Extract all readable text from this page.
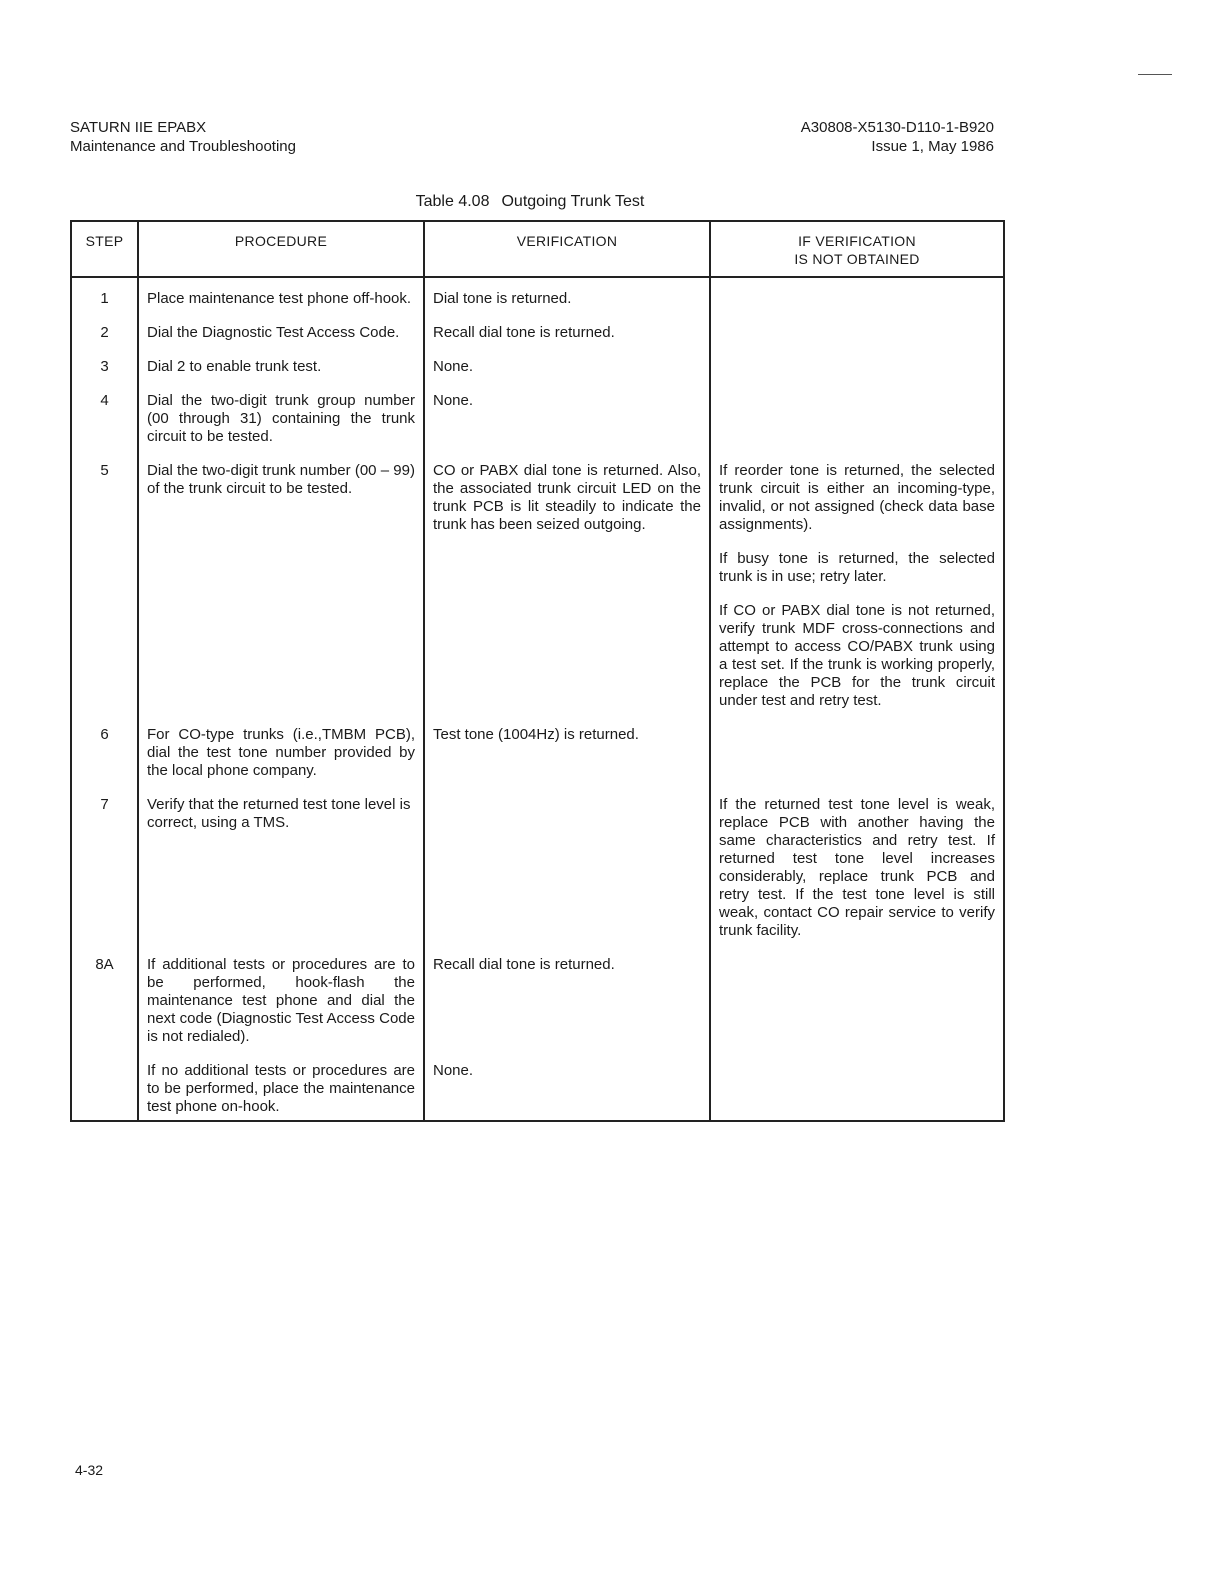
SATURN IIE EPABX
Maintenance and Troubleshooting
A30808-X5130-D110-1-B920
Issue 1, May 1986
Table 4.08 Outgoing Trunk Test
STEP	PROCEDURE	VERIFICATION	IF VERIFICATION
IS NOT OBTAINED

1	Place maintenance test phone off-hook.	Dial tone is returned.	
2	Dial the Diagnostic Test Access Code.	Recall dial tone is returned.	
3	Dial 2 to enable trunk test.	None.	
4	Dial the two-digit trunk group number (00 through 31) containing the trunk circuit to be tested.	None.	
5	Dial the two-digit trunk number (00 – 99) of the trunk circuit to be tested.	CO or PABX dial tone is returned. Also, the associated trunk circuit LED on the trunk PCB is lit steadily to indicate the trunk has been seized outgoing.	If reorder tone is returned, the selected trunk circuit is either an incoming-type, invalid, or not assigned (check data base assignments).
If busy tone is returned, the selected trunk is in use; retry later.
If CO or PABX dial tone is not returned, verify trunk MDF cross-connections and attempt to access CO/PABX trunk using a test set. If the trunk is working properly, replace the PCB for the trunk circuit under test and retry test.

6	For CO-type trunks (i.e.,TMBM PCB), dial the test tone number provided by the local phone company.	Test tone (1004Hz) is returned.	
7	Verify that the returned test tone level is correct, using a TMS.		If the returned test tone level is weak, replace PCB with another having the same characteristics and retry test. If returned test tone level increases considerably, replace trunk PCB and retry test. If the test tone level is still weak, contact CO repair service to verify trunk facility.
8A	If additional tests or procedures are to be performed, hook-flash the maintenance test phone and dial the next code (Diagnostic Test Access Code is not redialed).	Recall dial tone is returned.	
	If no additional tests or procedures are to be performed, place the maintenance test phone on-hook.	None.	
4-32
